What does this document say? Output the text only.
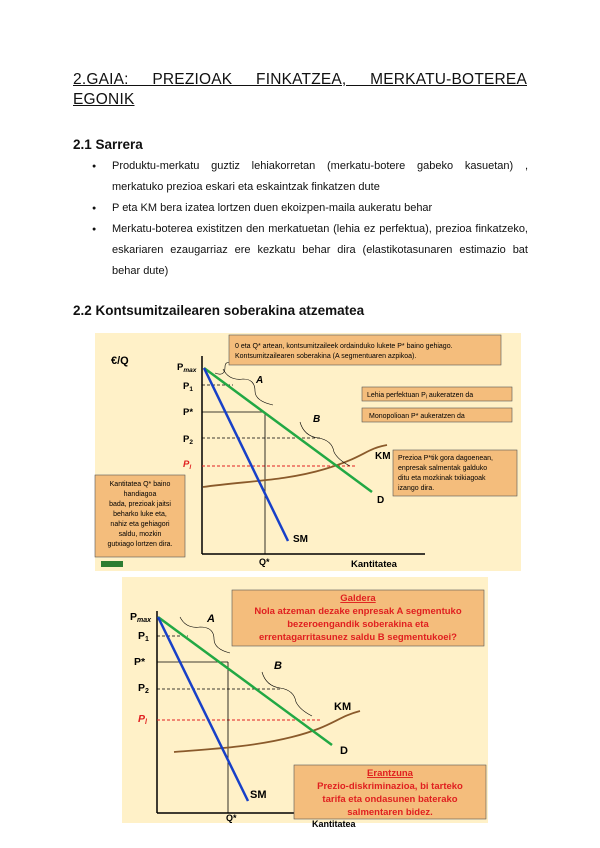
2.GAIA: PREZIOAK FINKATZEA, MERKATU-BOTEREA EGONIK
2.1 Sarrera
● Produktu-merkatu guztiz lehiakorretan (merkatu-botere gabeko kasuetan) , merkatuko prezioa eskari eta eskaintzak finkatzen dute
● P eta KM bera izatea lortzen duen ekoizpen-maila aukeratu behar
● Merkatu-boterea existitzen den merkatuetan (lehia ez perfektua), prezioa finkatzeko, eskariaren ezaugarriaz ere kezkatu behar dira (elastikotasunaren estimazio bat behar dute)
2.2 Kontsumitzailearen soberakina atzematea
€/Q
Kantitatea
Q*
$P_{max}$
$P_1$
P*
$P_2$
$P_l$
A
B
KM
D
SM
0 eta Q* artean, kontsumitzaileek ordainduko lukete P* baino gehiago.
Kontsumitzailearen soberakina (A segmentuaren azpikoa).
Lehia perfektuan $P_l$ aukeratzen da
Monopolioan P* aukeratzen da
Prezioa P*tik gora dagoenean,
enpresak salmentak galduko
ditu eta mozkinak txikiagoak
izango dira.
Kantitatea Q* baino
handiagoa
bada, prezioak jaitsi
beharko luke eta,
nahiz eta gehiagori
saldu, mozkin
gutxiago lortzen dira.
Q*
Kantitatea
Pmax
P1
P*
P2
Pl
A
B
KM
D
SM
Galdera
Nola atzeman dezake enpresak A segmentuko
bezeroengandik soberakina eta
errentagarritasunez saldu B segmentukoei?
Erantzuna
Prezio-diskriminazioa, bi tarteko
tarifa eta ondasunen baterako
salmentaren bidez.
